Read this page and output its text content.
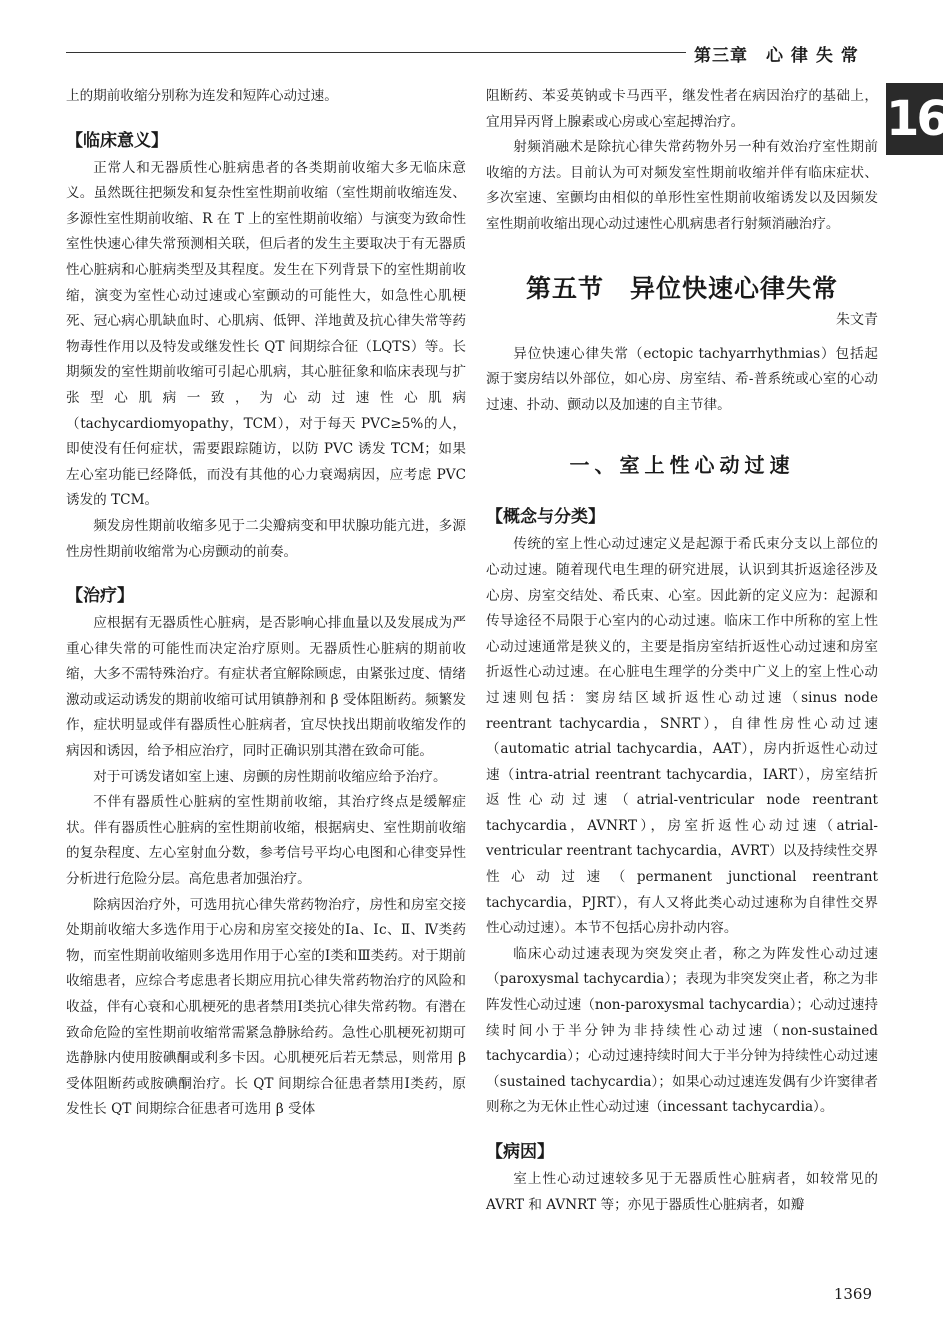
第三章　心 律 失 常
16

上的期前收缩分别称为连发和短阵心动过速。

【临床意义】

正常人和无器质性心脏病患者的各类期前收缩大多无临床意义。虽然既往把频发和复杂性室性期前收缩（室性期前收缩连发、多源性室性期前收缩、R 在 T 上的室性期前收缩）与演变为致命性室性快速心律失常预测相关联，但后者的发生主要取决于有无器质性心脏病和心脏病类型及其程度。发生在下列背景下的室性期前收缩，演变为室性心动过速或心室颤动的可能性大，如急性心肌梗死、冠心病心肌缺血时、心肌病、低钾、洋地黄及抗心律失常等药物毒性作用以及特发或继发性长 QT 间期综合征（LQTS）等。长期频发的室性期前收缩可引起心肌病，其心脏征象和临床表现与扩张型心肌病一致，为心动过速性心肌病（tachycardiomyopathy，TCM），对于每天 PVC≥5%的人，即使没有任何症状，需要跟踪随访，以防 PVC 诱发 TCM；如果左心室功能已经降低，而没有其他的心力衰竭病因，应考虑 PVC 诱发的 TCM。

频发房性期前收缩多见于二尖瓣病变和甲状腺功能亢进，多源性房性期前收缩常为心房颤动的前奏。

【治疗】

应根据有无器质性心脏病，是否影响心排血量以及发展成为严重心律失常的可能性而决定治疗原则。无器质性心脏病的期前收缩，大多不需特殊治疗。有症状者宜解除顾虑，由紧张过度、情绪激动或运动诱发的期前收缩可试用镇静剂和 β 受体阻断药。频繁发作，症状明显或伴有器质性心脏病者，宜尽快找出期前收缩发作的病因和诱因，给予相应治疗，同时正确识别其潜在致命可能。

对于可诱发诸如室上速、房颤的房性期前收缩应给予治疗。

不伴有器质性心脏病的室性期前收缩，其治疗终点是缓解症状。伴有器质性心脏病的室性期前收缩，根据病史、室性期前收缩的复杂程度、左心室射血分数，参考信号平均心电图和心律变异性分析进行危险分层。高危患者加强治疗。

除病因治疗外，可选用抗心律失常药物治疗，房性和房室交接处期前收缩大多选作用于心房和房室交接处的Ⅰa、Ⅰc、Ⅱ、Ⅳ类药物，而室性期前收缩则多选用作用于心室的Ⅰ类和Ⅲ类药。对于期前收缩患者，应综合考虑患者长期应用抗心律失常药物治疗的风险和收益，伴有心衰和心肌梗死的患者禁用Ⅰ类抗心律失常药物。有潜在致命危险的室性期前收缩常需紧急静脉给药。急性心肌梗死初期可选静脉内使用胺碘酮或利多卡因。心肌梗死后若无禁忌，则常用 β 受体阻断药或胺碘酮治疗。长 QT 间期综合征患者禁用Ⅰ类药，原发性长 QT 间期综合征患者可选用 β 受体

阻断药、苯妥英钠或卡马西平，继发性者在病因治疗的基础上，宜用异丙肾上腺素或心房或心室起搏治疗。

射频消融术是除抗心律失常药物外另一种有效治疗室性期前收缩的方法。目前认为可对频发室性期前收缩并伴有临床症状、多次室速、室颤均由相似的单形性室性期前收缩诱发以及因频发室性期前收缩出现心动过速性心肌病患者行射频消融治疗。

第五节　异位快速心律失常
朱文青

异位快速心律失常（ectopic tachyarrhythmias）包括起源于窦房结以外部位，如心房、房室结、希-普系统或心室的心动过速、扑动、颤动以及加速的自主节律。

一、室上性心动过速
【概念与分类】

传统的室上性心动过速定义是起源于希氏束分支以上部位的心动过速。随着现代电生理的研究进展，认识到其折返途径涉及心房、房室交结处、希氏束、心室。因此新的定义应为：起源和传导途径不局限于心室内的心动过速。临床工作中所称的室上性心动过速通常是狭义的，主要是指房室结折返性心动过速和房室折返性心动过速。在心脏电生理学的分类中广义上的室上性心动过速则包括：窦房结区域折返性心动过速（sinus node reentrant tachycardia，SNRT），自律性房性心动过速（automatic atrial tachycardia，AAT），房内折返性心动过速（intra-atrial reentrant tachycardia，IART），房室结折返性心动过速（atrial-ventricular node reentrant tachycardia，AVNRT），房室折返性心动过速（atrial-ventricular reentrant tachycardia，AVRT）以及持续性交界性心动过速（permanent junctional reentrant tachycardia，PJRT），有人又将此类心动过速称为自律性交界性心动过速）。本节不包括心房扑动内容。

临床心动过速表现为突发突止者，称之为阵发性心动过速（paroxysmal tachycardia）；表现为非突发突止者，称之为非阵发性心动过速（non-paroxysmal tachycardia）；心动过速持续时间小于半分钟为非持续性心动过速（non-sustained tachycardia）；心动过速持续时间大于半分钟为持续性心动过速（sustained tachycardia）；如果心动过速连发偶有少许窦律者则称之为无休止性心动过速（incessant tachycardia）。

【病因】

室上性心动过速较多见于无器质性心脏病者，如较常见的 AVRT 和 AVNRT 等；亦见于器质性心脏病者，如瓣

1369
